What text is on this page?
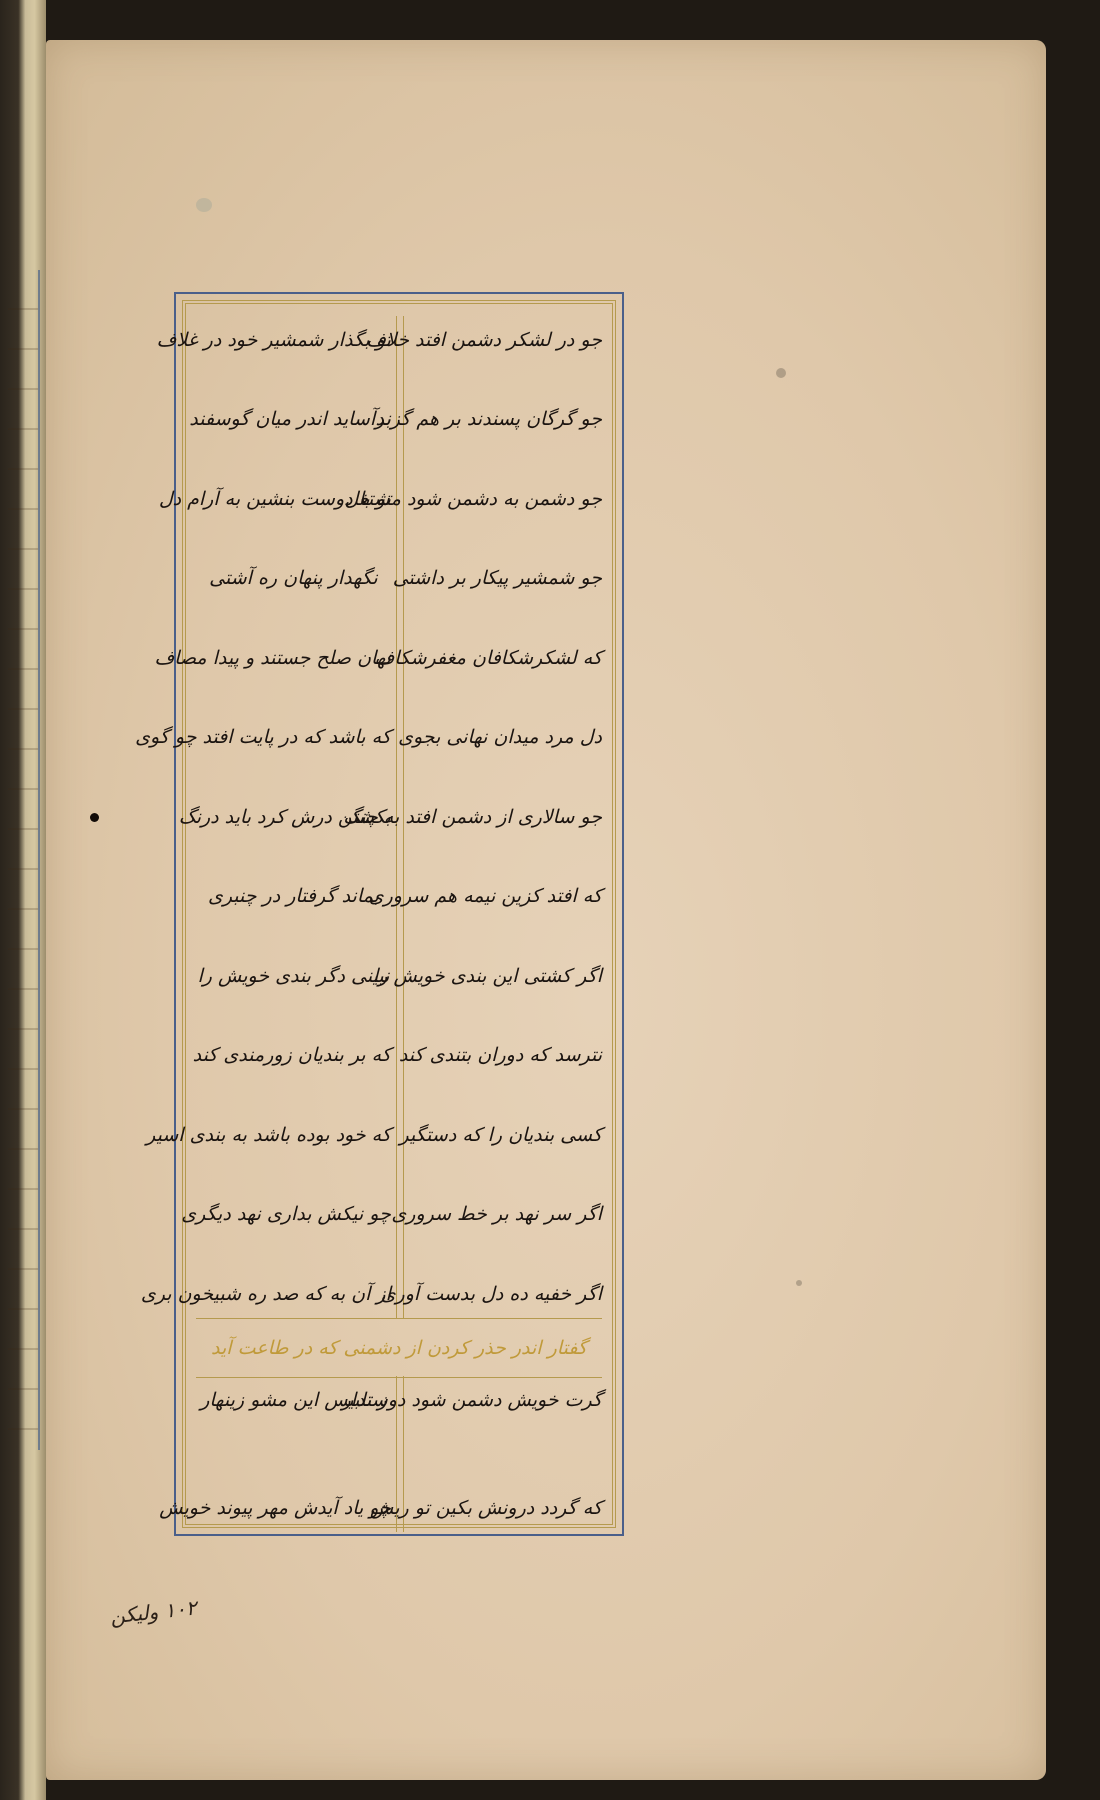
جو در لشکر دشمن افتد خلاف
جو گرگان پسندند بر هم گزند
جو دشمن به دشمن شود مشتغل
جو شمشیر پیکار بر داشتی
که لشکرشکافان مغفرشکاف
دل مرد میدان نهانی بجوی
جو سالاری از دشمن افتد به چنگ
که افتد کزین نیمه هم سروری
اگر کشتی این بندی خویش را
نترسد که دوران بتندی کند
کسی بندیان را که دستگیر
اگر سر نهد بر خط سروری
اگر خفیه ده دل بدست آوری
تو بگذار شمشیر خود در غلاف
برآساید اندر میان گوسفند
تو با دوست بنشین به آرام دل
نگهدار پنهان ره آشتی
نهان صلح جستند و پیدا مصاف
که باشد که در پایت افتد چو گوی
بکشتن درش کرد باید درنگ
بماند گرفتار در چنبری
نبینی دگر بندی خویش را
که بر بندیان زورمندی کند
که خود بوده باشد به بندی اسیر
چو نیکش بداری نهد دیگری
از آن به که صد ره شبیخون بری
گفتار اندر حذر کردن از دشمنی که در طاعت آید
گرت خویش دشمن شود دوستدار
که گردد درونش بکین تو ریش
ز تلبیس این مشو زینهار
چو یاد آیدش مهر پیوند خویش
۱۰۲ ولیکن
